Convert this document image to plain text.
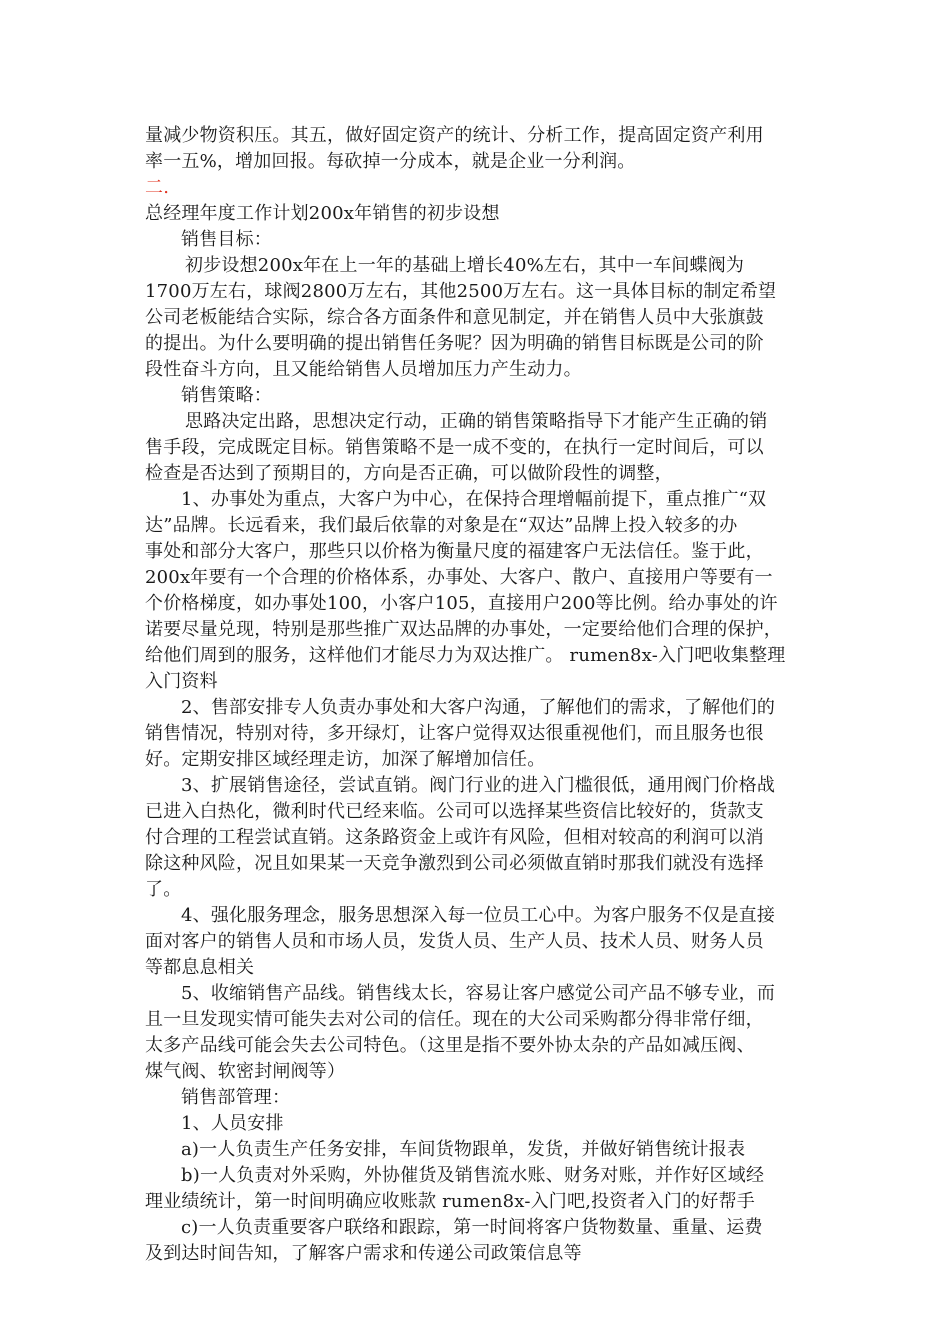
量减少物资积压。其五，做好固定资产的统计、分析工作，提高固定资产利用
率一五%，增加回报。每砍掉一分成本，就是企业一分利润。
二.
总经理年度工作计划200x年销售的初步设想
销售目标：
初步设想200x年在上一年的基础上增长40%左右，其中一车间蝶阀为
1700万左右，球阀2800万左右，其他2500万左右。这一具体目标的制定希望
公司老板能结合实际，综合各方面条件和意见制定，并在销售人员中大张旗鼓
的提出。为什么要明确的提出销售任务呢？因为明确的销售目标既是公司的阶
段性奋斗方向，且又能给销售人员增加压力产生动力。
销售策略：
思路决定出路，思想决定行动，正确的销售策略指导下才能产生正确的销
售手段，完成既定目标。销售策略不是一成不变的，在执行一定时间后，可以
检查是否达到了预期目的，方向是否正确，可以做阶段性的调整，
1、办事处为重点，大客户为中心，在保持合理增幅前提下，重点推广“双
达”品牌。长远看来，我们最后依靠的对象是在“双达”品牌上投入较多的办
事处和部分大客户，那些只以价格为衡量尺度的福建客户无法信任。鉴于此，
200x年要有一个合理的价格体系，办事处、大客户、散户、直接用户等要有一
个价格梯度，如办事处100，小客户105，直接用户200等比例。给办事处的许
诺要尽量兑现，特别是那些推广双达品牌的办事处，一定要给他们合理的保护，
给他们周到的服务，这样他们才能尽力为双达推广。 rumen8x-入门吧收集整理
入门资料
2、售部安排专人负责办事处和大客户沟通，了解他们的需求，了解他们的
销售情况，特别对待，多开绿灯，让客户觉得双达很重视他们，而且服务也很
好。定期安排区域经理走访，加深了解增加信任。
3、扩展销售途径，尝试直销。阀门行业的进入门槛很低，通用阀门价格战
已进入白热化，微利时代已经来临。公司可以选择某些资信比较好的，货款支
付合理的工程尝试直销。这条路资金上或许有风险，但相对较高的利润可以消
除这种风险，况且如果某一天竞争激烈到公司必须做直销时那我们就没有选择
了。
4、强化服务理念，服务思想深入每一位员工心中。为客户服务不仅是直接
面对客户的销售人员和市场人员，发货人员、生产人员、技术人员、财务人员
等都息息相关
5、收缩销售产品线。销售线太长，容易让客户感觉公司产品不够专业，而
且一旦发现实情可能失去对公司的信任。现在的大公司采购都分得非常仔细，
太多产品线可能会失去公司特色。（这里是指不要外协太杂的产品如减压阀、
煤气阀、软密封闸阀等）
销售部管理：
1、人员安排
a)一人负责生产任务安排，车间货物跟单，发货，并做好销售统计报表
b)一人负责对外采购，外协催货及销售流水账、财务对账，并作好区域经
理业绩统计，第一时间明确应收账款 rumen8x-入门吧,投资者入门的好帮手
c)一人负责重要客户联络和跟踪，第一时间将客户货物数量、重量、运费
及到达时间告知，了解客户需求和传递公司政策信息等
